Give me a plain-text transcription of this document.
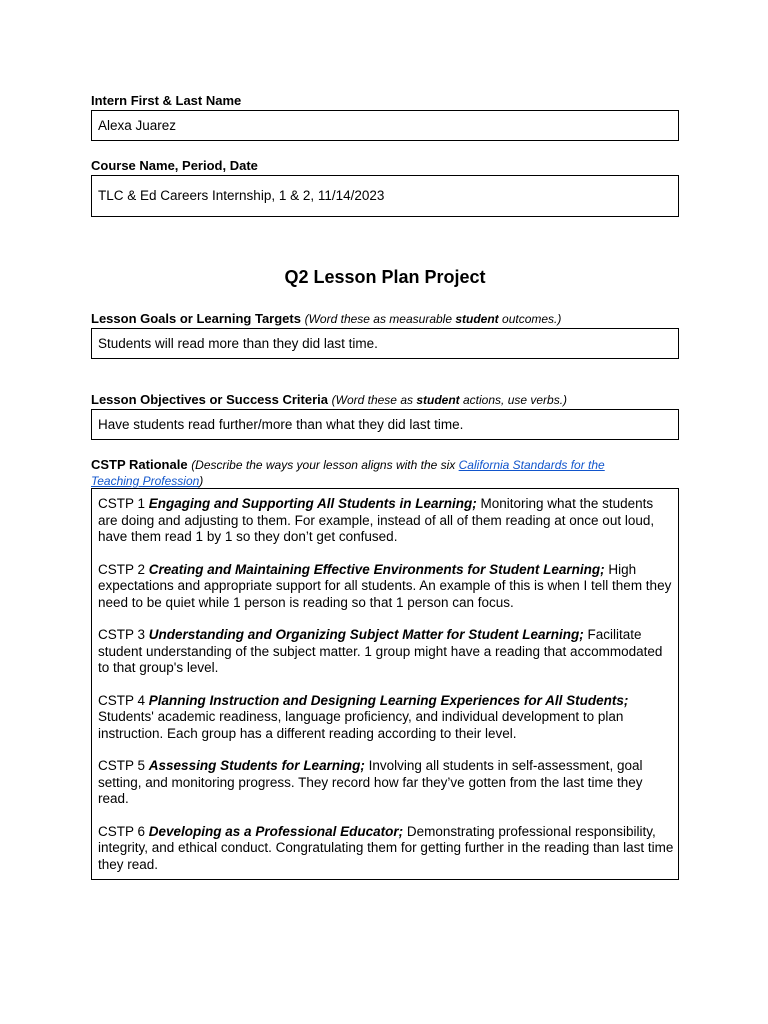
Intern First & Last Name
Alexa Juarez
Course Name, Period, Date
TLC & Ed Careers Internship, 1 & 2, 11/14/2023
Q2 Lesson Plan Project
Lesson Goals or Learning Targets (Word these as measurable student outcomes.)
Students will read more than they did last time.
Lesson Objectives or Success Criteria (Word these as student actions, use verbs.)
Have students read further/more than what they did last time.
CSTP Rationale (Describe the ways your lesson aligns with the six California Standards for the Teaching Profession)
CSTP 1 Engaging and Supporting All Students in Learning; Monitoring what the students are doing and adjusting to them. For example, instead of all of them reading at once out loud, have them read 1 by 1 so they don’t get confused.
CSTP 2 Creating and Maintaining Effective Environments for Student Learning; High expectations and appropriate support for all students. An example of this is when I tell them they need to be quiet while 1 person is reading so that 1 person can focus.
CSTP 3 Understanding and Organizing Subject Matter for Student Learning; Facilitate student understanding of the subject matter. 1 group might have a reading that accommodated to that group's level.
CSTP 4 Planning Instruction and Designing Learning Experiences for All Students; Students' academic readiness, language proficiency, and individual development to plan instruction. Each group has a different reading according to their level.
CSTP 5 Assessing Students for Learning; Involving all students in self-assessment, goal setting, and monitoring progress. They record how far they’ve gotten from the last time they read.
CSTP 6 Developing as a Professional Educator; Demonstrating professional responsibility, integrity, and ethical conduct. Congratulating them for getting further in the reading than last time they read.
